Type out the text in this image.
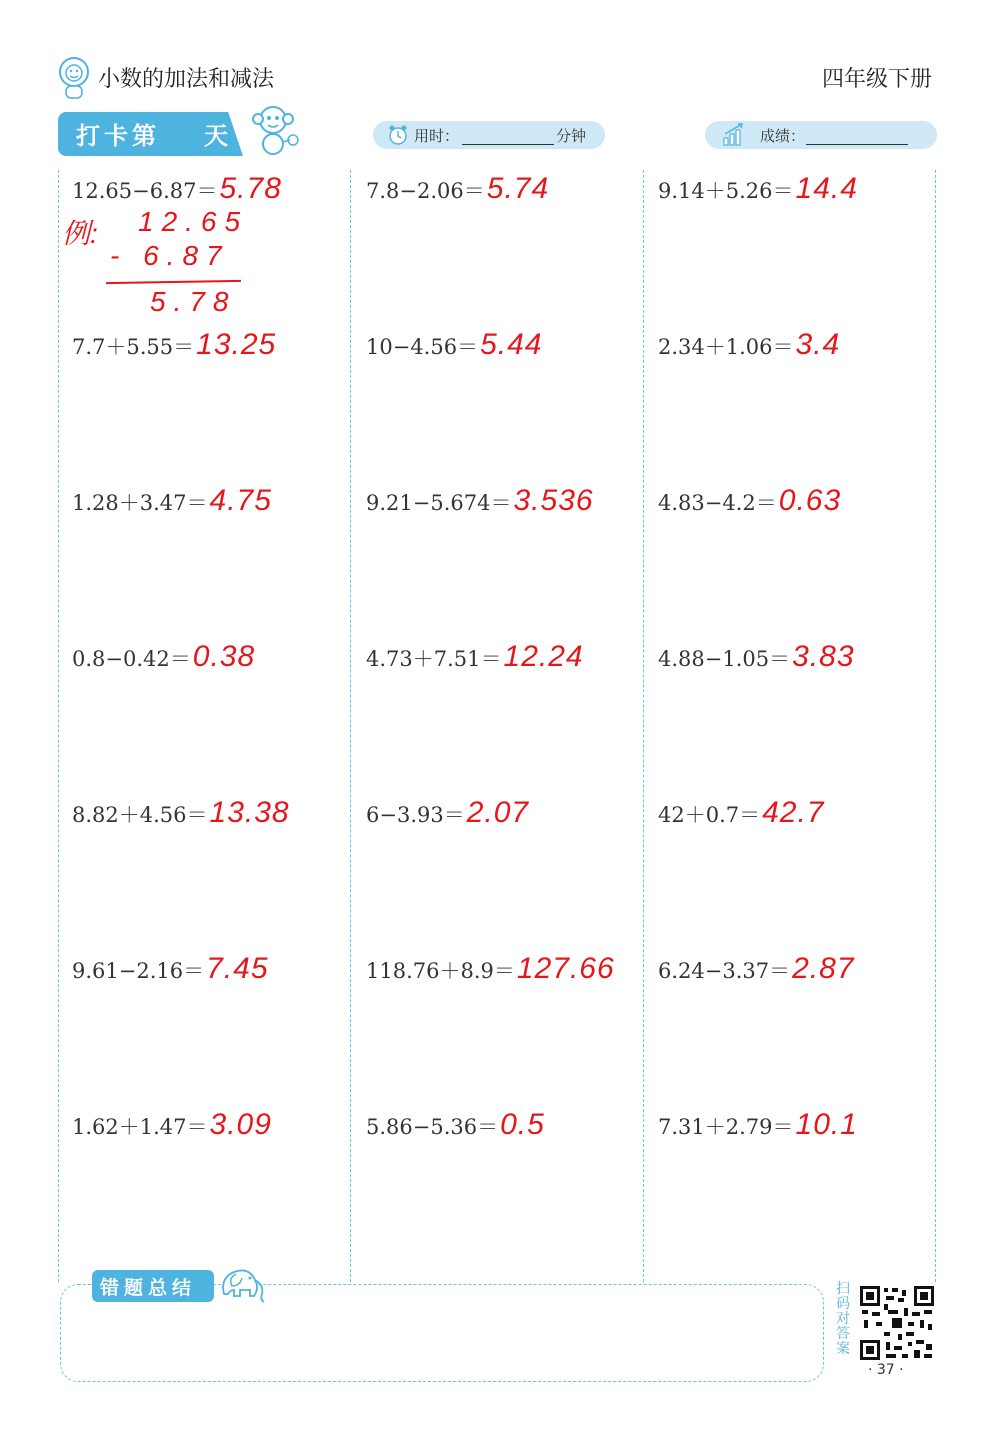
小数的加法和减法	四年级下册
打卡第 天	用时：	分钟	成绩：
12.65−6.87＝5.78
7.7＋5.55＝13.25
1.28＋3.47＝4.75
0.8−0.42＝0.38
8.82＋4.56＝13.38
9.61−2.16＝7.45
1.62＋1.47＝3.09
7.8−2.06＝5.74
10−4.56＝5.44
9.21−5.674＝3.536
4.73＋7.51＝12.24
6−3.93＝2.07
118.76＋8.9＝127.66
5.86−5.36＝0.5
9.14＋5.26＝14.4
2.34＋1.06＝3.4
4.83−4.2＝0.63
4.88−1.05＝3.83
42＋0.7＝42.7
6.24−3.37＝2.87
7.31＋2.79＝10.1
例: 12.65
- 6.87
5.78
错题总结	扫码对答案
· 37 ·
